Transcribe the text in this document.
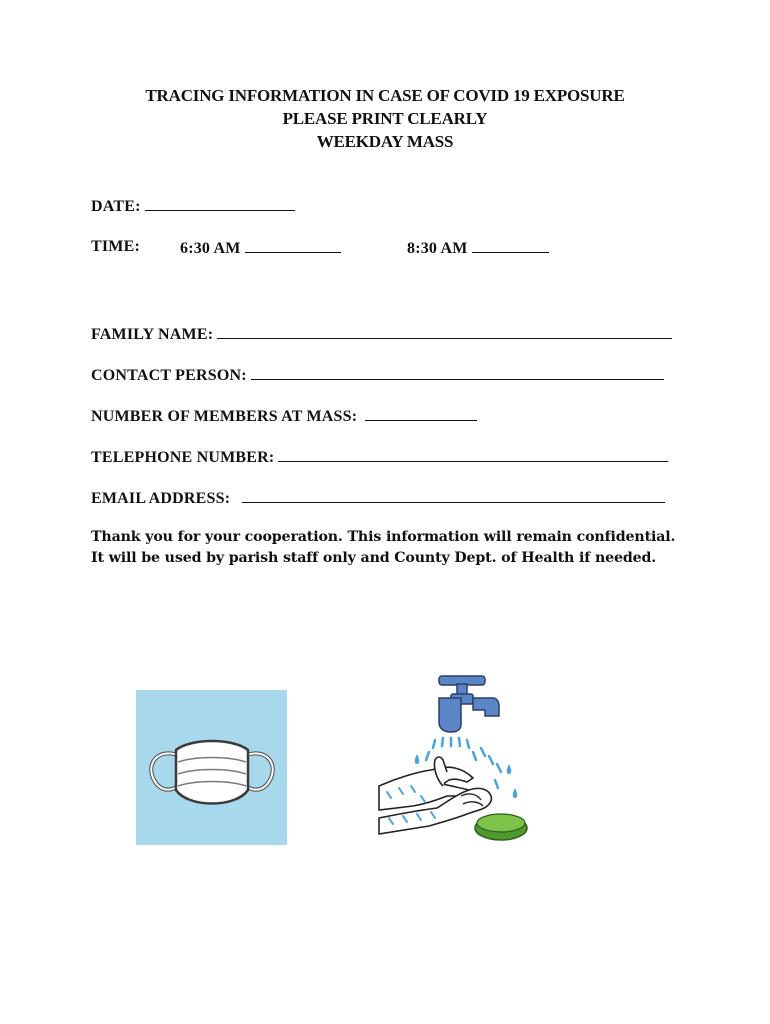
TRACING INFORMATION IN CASE OF COVID 19 EXPOSURE
PLEASE PRINT CLEARLY
WEEKDAY MASS
DATE:
TIME:	6:30 AM	8:30 AM
FAMILY NAME:
CONTACT PERSON:
NUMBER OF MEMBERS AT MASS:
TELEPHONE NUMBER:
EMAIL ADDRESS:
Thank you for your cooperation. This information will remain confidential.
It will be used by parish staff only and County Dept. of Health if needed.
